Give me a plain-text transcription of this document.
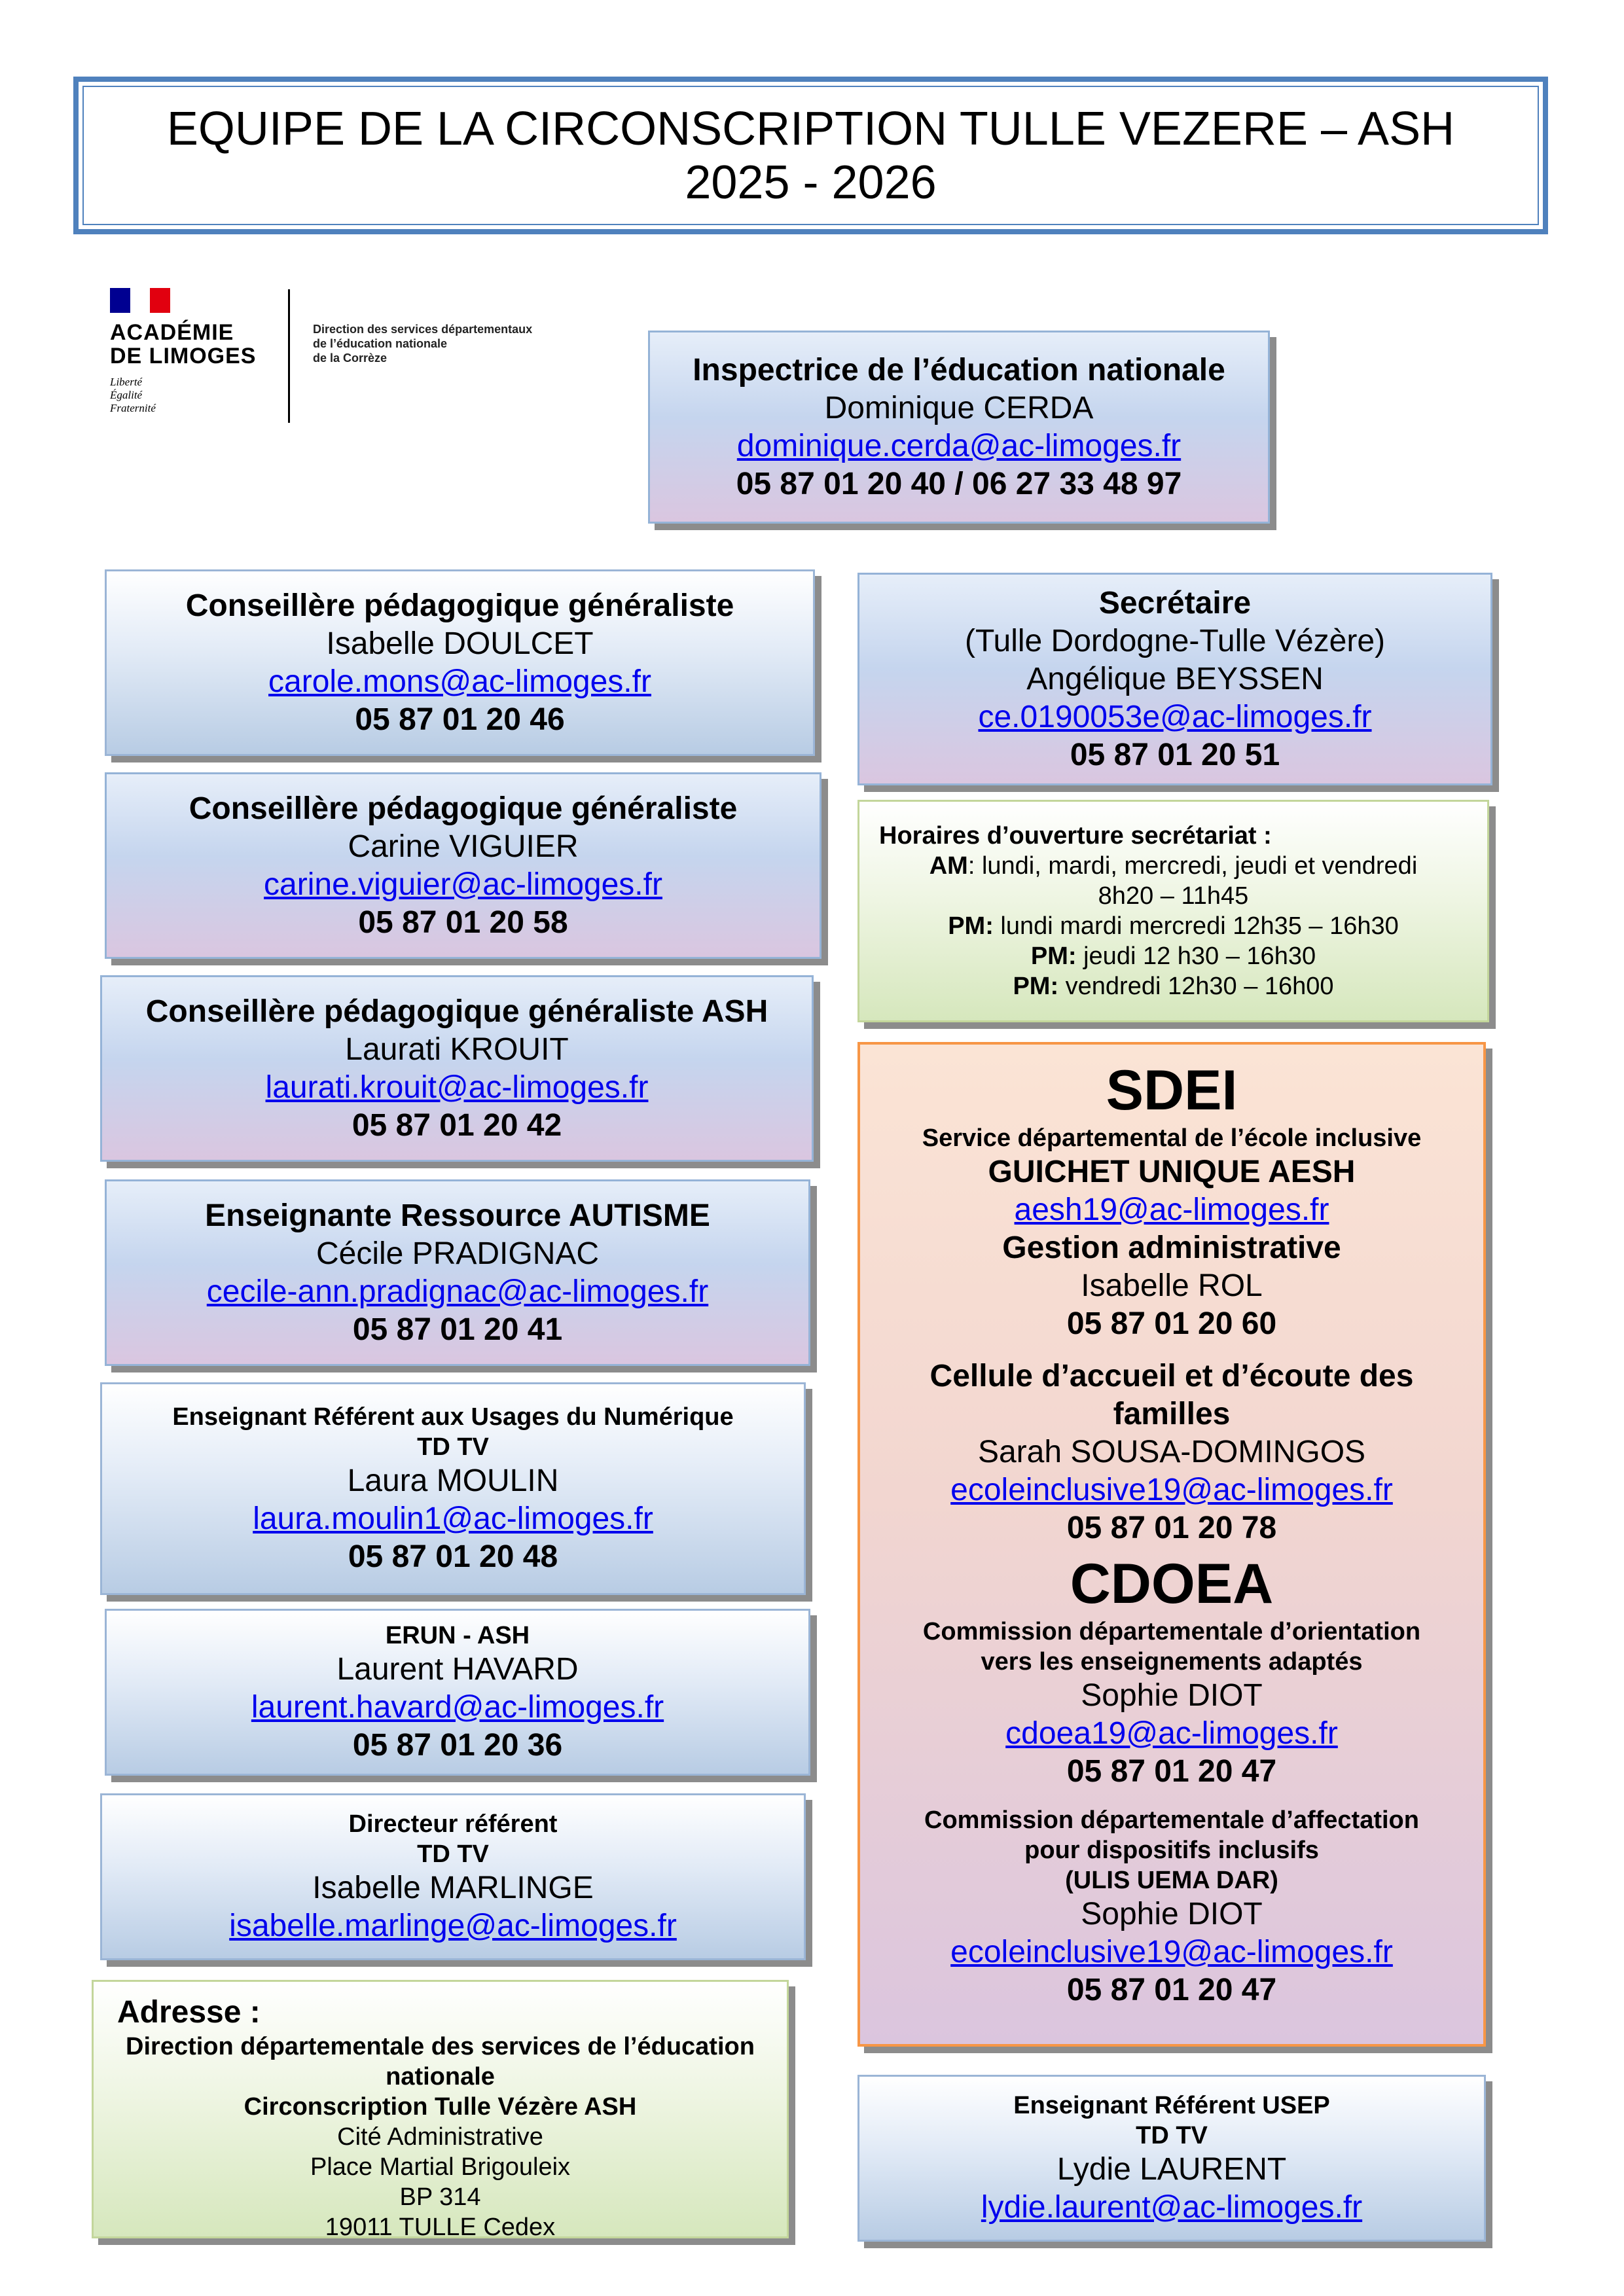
EQUIPE DE LA CIRCONSCRIPTION TULLE VEZERE – ASH
2025 - 2026
ACADÉMIE
DE LIMOGES
Liberté
Égalité
Fraternité
Direction des services départementaux
de l’éducation nationale
de la Corrèze	Inspectrice de l’éducation nationale
Dominique CERDA
dominique.cerda@ac-limoges.fr
05 87 01 20 40 / 06 27 33 48 97
Conseillère pédagogique généraliste
Isabelle DOULCET
carole.mons@ac-limoges.fr
05 87 01 20 46
Conseillère pédagogique généraliste
Carine VIGUIER
carine.viguier@ac-limoges.fr
05 87 01 20 58
Conseillère pédagogique généraliste ASH
Laurati KROUIT
laurati.krouit@ac-limoges.fr
05 87 01 20 42
Enseignante Ressource AUTISME
Cécile PRADIGNAC
cecile-ann.pradignac@ac-limoges.fr
05 87 01 20 41
Enseignant Référent aux Usages du Numérique
TD TV
Laura MOULIN
laura.moulin1@ac-limoges.fr
05 87 01 20 48
ERUN - ASH
Laurent HAVARD
laurent.havard@ac-limoges.fr
05 87 01 20 36
Directeur référent
TD TV
Isabelle MARLINGE
isabelle.marlinge@ac-limoges.fr
Adresse :
Direction départementale des services de l’éducation
nationale
Circonscription Tulle Vézère ASH
Cité Administrative
Place Martial Brigouleix
BP 314
19011 TULLE Cedex
Secrétaire
(Tulle Dordogne-Tulle Vézère)
Angélique BEYSSEN
ce.0190053e@ac-limoges.fr
05 87 01 20 51
Horaires d’ouverture secrétariat :
AM: lundi, mardi, mercredi, jeudi et vendredi
8h20 – 11h45
PM: lundi mardi mercredi 12h35 – 16h30
PM: jeudi 12 h30 – 16h30
PM: vendredi 12h30 – 16h00
SDEI
Service départemental de l’école inclusive
GUICHET UNIQUE AESH
aesh19@ac-limoges.fr
Gestion administrative
Isabelle ROL
05 87 01 20 60
Cellule d’accueil et d’écoute des
familles
Sarah SOUSA-DOMINGOS
ecoleinclusive19@ac-limoges.fr
05 87 01 20 78
CDOEA
Commission départementale d’orientation
vers les enseignements adaptés
Sophie DIOT
cdoea19@ac-limoges.fr
05 87 01 20 47
Commission départementale d’affectation
pour dispositifs inclusifs
(ULIS UEMA DAR)
Sophie DIOT
ecoleinclusive19@ac-limoges.fr
05 87 01 20 47
Enseignant Référent USEP
TD TV
Lydie LAURENT
lydie.laurent@ac-limoges.fr
